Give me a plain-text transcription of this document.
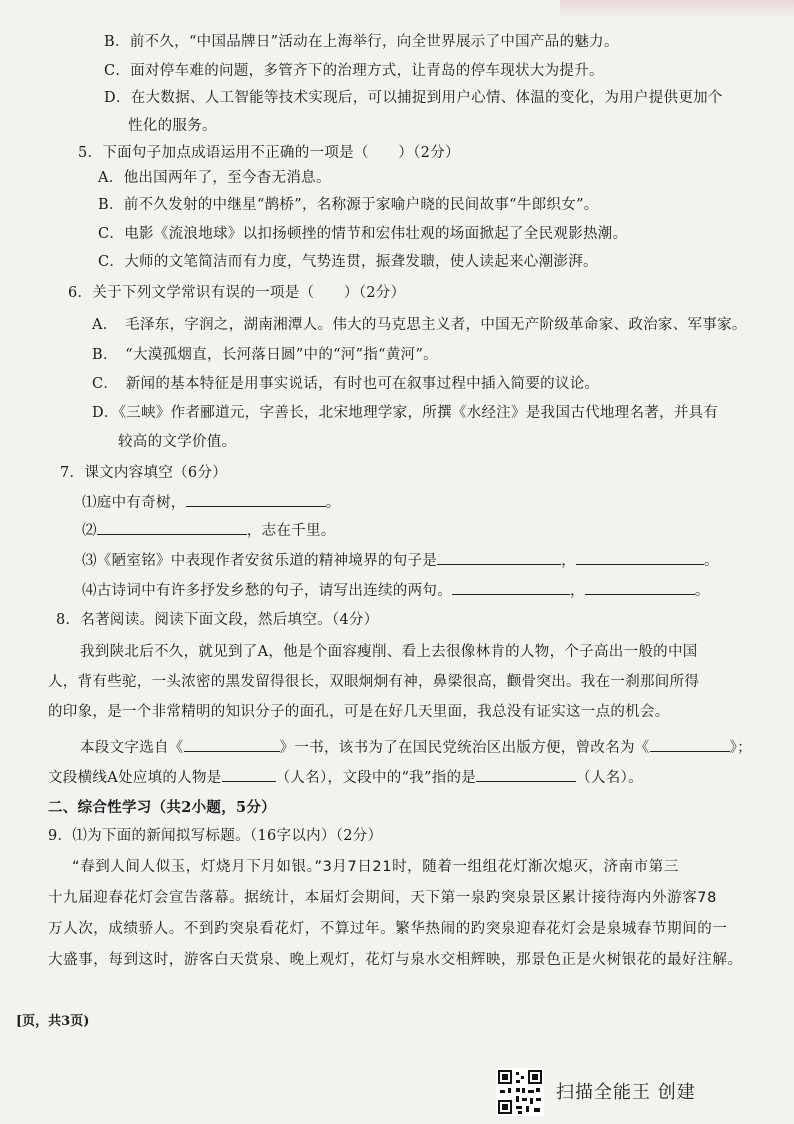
B．前不久，“中国品牌日”活动在上海举行，向全世界展示了中国产品的魅力。
C．面对停车难的问题，多管齐下的治理方式，让青岛的停车现状大为提升。
D．在大数据、人工智能等技术实现后，可以捕捉到用户心情、体温的变化，为用户提供更加个
性化的服务。
5．下面句子加点成语运用不正确的一项是（　　）（2分）
A．他出国两年了，至今杳无消息。
B．前不久发射的中继星“鹊桥”，名称源于家喻户晓的民间故事“牛郎织女”。
C．电影《流浪地球》以扣扬顿挫的情节和宏伟壮观的场面掀起了全民观影热潮。
C．大师的文笔简洁而有力度，气势连贯，振聋发聩，使人读起来心潮澎湃。
6．关于下列文学常识有误的一项是（　　）（2分）
A．　毛泽东，字润之，湖南湘潭人。伟大的马克思主义者，中国无产阶级革命家、政治家、军事家。
B．　“大漠孤烟直，长河落日圆”中的“河”指“黄河”。
C．　新闻的基本特征是用事实说话，有时也可在叙事过程中插入简要的议论。
D．《三峡》作者郦道元，字善长，北宋地理学家，所撰《水经注》是我国古代地理名著，并具有
较高的文学价值。
7．课文内容填空（6分）
⑴庭中有奇树，	。
⑵	，志在千里。
⑶《陋室铭》中表现作者安贫乐道的精神境界的句子是	，	。
⑷古诗词中有许多抒发乡愁的句子，请写出连续的两句。	，	。
8．名著阅读。阅读下面文段，然后填空。（4分）
我到陕北后不久，就见到了A，他是个面容瘦削、看上去很像林肯的人物，个子高出一般的中国
人，背有些驼，一头浓密的黑发留得很长，双眼炯炯有神，鼻梁很高，颧骨突出。我在一刹那间所得
的印象，是一个非常精明的知识分子的面孔，可是在好几天里面，我总没有证实这一点的机会。
本段文字选自《	》一书，该书为了在国民党统治区出版方便，曾改名为《	》；
文段横线A处应填的人物是	（人名），文段中的“我”指的是	（人名）。
二、综合性学习（共2小题，5分）
9．⑴为下面的新闻拟写标题。（16字以内）（2分）
“春到人间人似玉，灯烧月下月如银。”3月7日21时，随着一组组花灯渐次熄灭，济南市第三
十九届迎春花灯会宣告落幕。据统计，本届灯会期间，天下第一泉趵突泉景区累计接待海内外游客78
万人次，成绩骄人。不到趵突泉看花灯，不算过年。繁华热闹的趵突泉迎春花灯会是泉城春节期间的一
大盛事，每到这时，游客白天赏泉、晚上观灯，花灯与泉水交相辉映，那景色正是火树银花的最好注解。
[页，共3页)
扫描全能王 创建
